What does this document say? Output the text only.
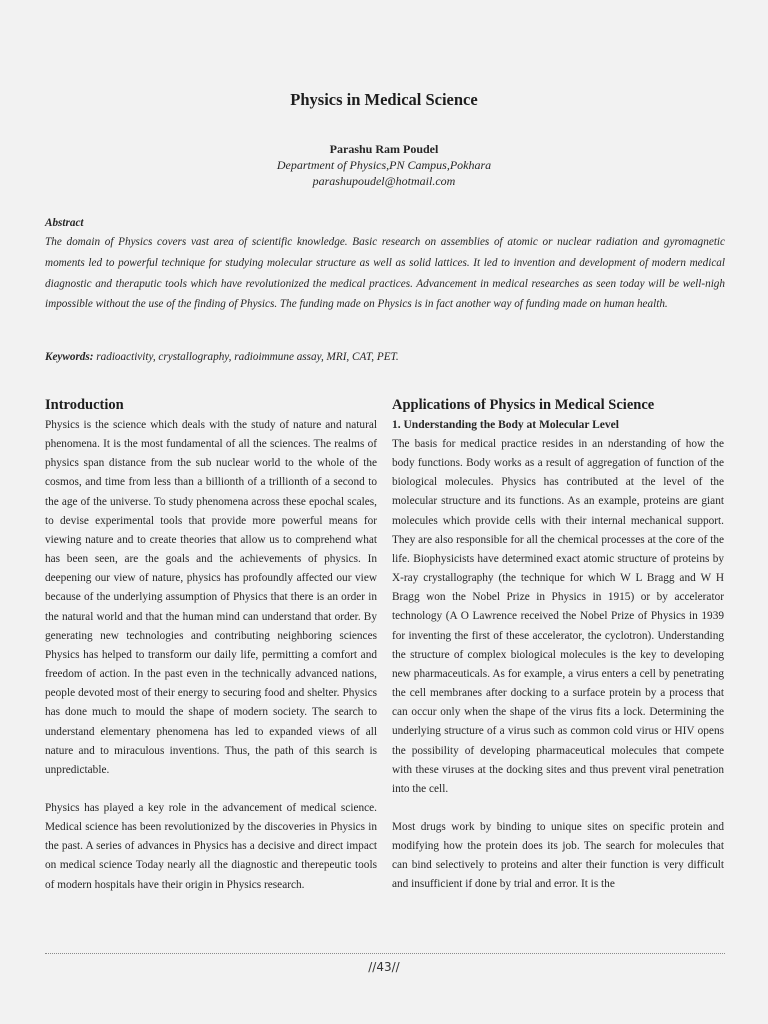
Physics in Medical Science
Parashu Ram Poudel
Department of Physics,PN Campus,Pokhara
parashupoudel@hotmail.com
Abstract
The domain of Physics covers vast area of scientific knowledge. Basic research on assemblies of atomic or nuclear radiation and gyromagnetic moments led to powerful technique for studying molecular structure as well as solid lattices. It led to invention and development of modern medical diagnostic and theraputic tools which have revolutionized the medical practices. Advancement in medical researches as seen today will be well-nigh impossible without the use of the finding of Physics. The funding made on Physics is in fact another way of funding made on human health.
Keywords: radioactivity, crystallography, radioimmune assay, MRI, CAT, PET.
Introduction

Physics is the science which deals with the study of nature and natural phenomena. It is the most fundamental of all the sciences. The realms of physics span distance from the sub nuclear world to the whole of the cosmos, and time from less than a billionth of a trillionth of a second to the age of the universe. To study phenomena across these epochal scales, to devise experimental tools that provide more powerful means for viewing nature and to create theories that allow us to comprehend what has been seen, are the goals and the achievements of physics. In deepening our view of nature, physics has profoundly affected our view because of the underlying assumption of Physics that there is an order in the natural world and that the human mind can understand that order. By generating new technologies and contributing neighboring sciences Physics has helped to transform our daily life, permitting a comfort and freedom of action. In the past even in the technically advanced nations, people devoted most of their energy to securing food and shelter. Physics has done much to mould the shape of modern society. The search to understand elementary phenomena has led to expanded views of all nature and to miraculous inventions. Thus, the path of this search is unpredictable.

Physics has played a key role in the advancement of medical science. Medical science has been revolutionized by the discoveries in Physics in the past. A series of advances in Physics has a decisive and direct impact on medical science Today nearly all the diagnostic and therepeutic tools of modern hospitals have their origin in Physics research.

Applications of Physics in Medical Science
1. Understanding the Body at Molecular Level

The basis for medical practice resides in an nderstanding of how the body functions. Body works as a result of aggregation of function of the biological molecules. Physics has contributed at the level of the molecular structure and its functions. As an example, proteins are giant molecules which provide cells with their internal mechanical support. They are also responsible for all the chemical processes at the core of the life. Biophysicists have determined exact atomic structure of proteins by X-ray crystallography (the technique for which W L Bragg and W H Bragg won the Nobel Prize in Physics in 1915) or by accelerator technology (A O Lawrence received the Nobel Prize of Physics in 1939 for inventing the first of these accelerator, the cyclotron). Understanding the structure of complex biological molecules is the key to developing new pharmaceuticals. As for example, a virus enters a cell by penetrating the cell membranes after docking to a surface protein by a process that can occur only when the shape of the virus fits a lock. Determining the underlying structure of a virus such as common cold virus or HIV opens the possibility of developing pharmaceutical molecules that compete with these viruses at the docking sites and thus prevent viral penetration into the cell.

Most drugs work by binding to unique sites on specific protein and modifying how the protein does its job. The search for molecules that can bind selectively to proteins and alter their function is very difficult and insufficient if done by trial and error. It is the

//43//
